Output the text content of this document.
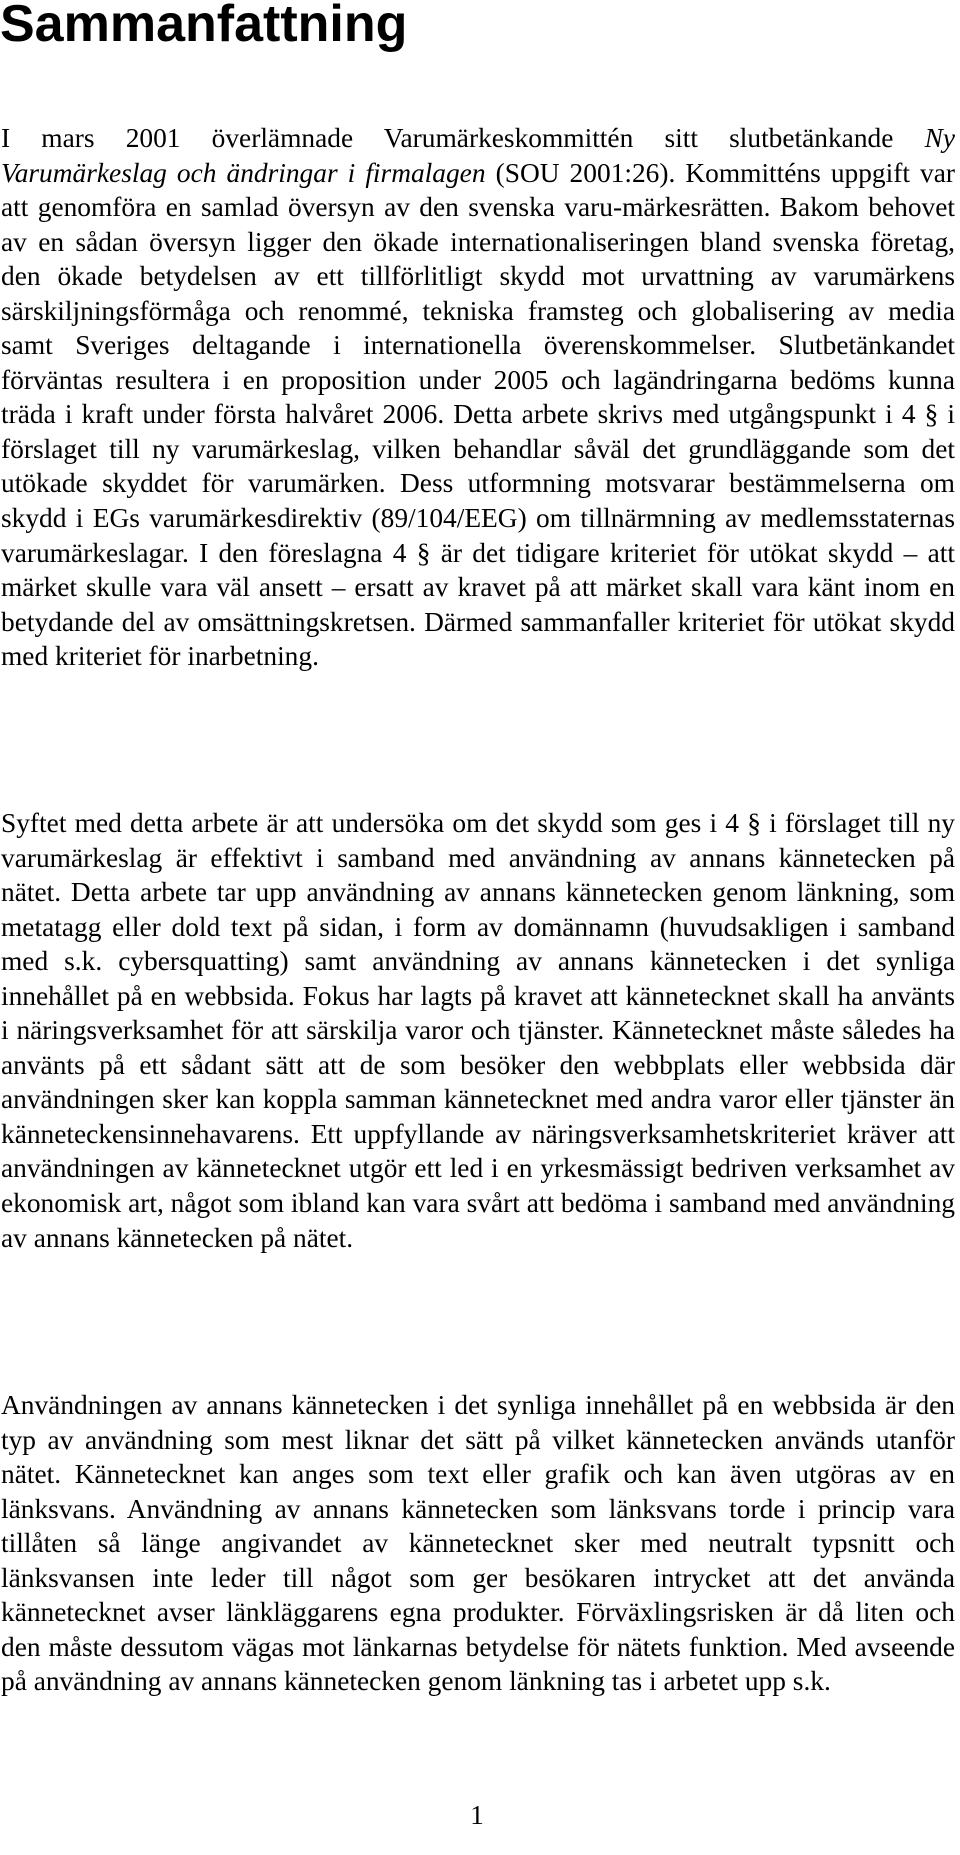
Sammanfattning

I mars 2001 överlämnade Varumärkeskommittén sitt slutbetänkande Ny Varumärkeslag och ändringar i firmalagen (SOU 2001:26). Kommitténs uppgift var att genomföra en samlad översyn av den svenska varu-märkesrätten. Bakom behovet av en sådan översyn ligger den ökade internationaliseringen bland svenska företag, den ökade betydelsen av ett tillförlitligt skydd mot urvattning av varumärkens särskiljningsförmåga och renommé, tekniska framsteg och globalisering av media samt Sveriges deltagande i internationella överenskommelser. Slutbetänkandet förväntas resultera i en proposition under 2005 och lagändringarna bedöms kunna träda i kraft under första halvåret 2006. Detta arbete skrivs med utgångspunkt i 4 § i förslaget till ny varumärkeslag, vilken behandlar såväl det grundläggande som det utökade skyddet för varumärken. Dess utformning motsvarar bestämmelserna om skydd i EGs varumärkesdirektiv (89/104/EEG) om tillnärmning av medlemsstaternas varumärkeslagar. I den föreslagna 4 § är det tidigare kriteriet för utökat skydd – att märket skulle vara väl ansett – ersatt av kravet på att märket skall vara känt inom en betydande del av omsättningskretsen. Därmed sammanfaller kriteriet för utökat skydd med kriteriet för inarbetning.

Syftet med detta arbete är att undersöka om det skydd som ges i 4 § i förslaget till ny varumärkeslag är effektivt i samband med användning av annans kännetecken på nätet. Detta arbete tar upp användning av annans kännetecken genom länkning, som metatagg eller dold text på sidan, i form av domännamn (huvudsakligen i samband med s.k. cybersquatting) samt användning av annans kännetecken i det synliga innehållet på en webbsida. Fokus har lagts på kravet att kännetecknet skall ha använts i näringsverksamhet för att särskilja varor och tjänster. Kännetecknet måste således ha använts på ett sådant sätt att de som besöker den webbplats eller webbsida där användningen sker kan koppla samman kännetecknet med andra varor eller tjänster än känneteckensinnehavarens. Ett uppfyllande av näringsverksamhetskriteriet kräver att användningen av kännetecknet utgör ett led i en yrkesmässigt bedriven verksamhet av ekonomisk art, något som ibland kan vara svårt att bedöma i samband med användning av annans kännetecken på nätet.

Användningen av annans kännetecken i det synliga innehållet på en webbsida är den typ av användning som mest liknar det sätt på vilket kännetecken används utanför nätet. Kännetecknet kan anges som text eller grafik och kan även utgöras av en länksvans. Användning av annans kännetecken som länksvans torde i princip vara tillåten så länge angivandet av kännetecknet sker med neutralt typsnitt och länksvansen inte leder till något som ger besökaren intrycket att det använda kännetecknet avser länkläggarens egna produkter. Förväxlingsrisken är då liten och den måste dessutom vägas mot länkarnas betydelse för nätets funktion. Med avseende på användning av annans kännetecken genom länkning tas i arbetet upp s.k.

1
